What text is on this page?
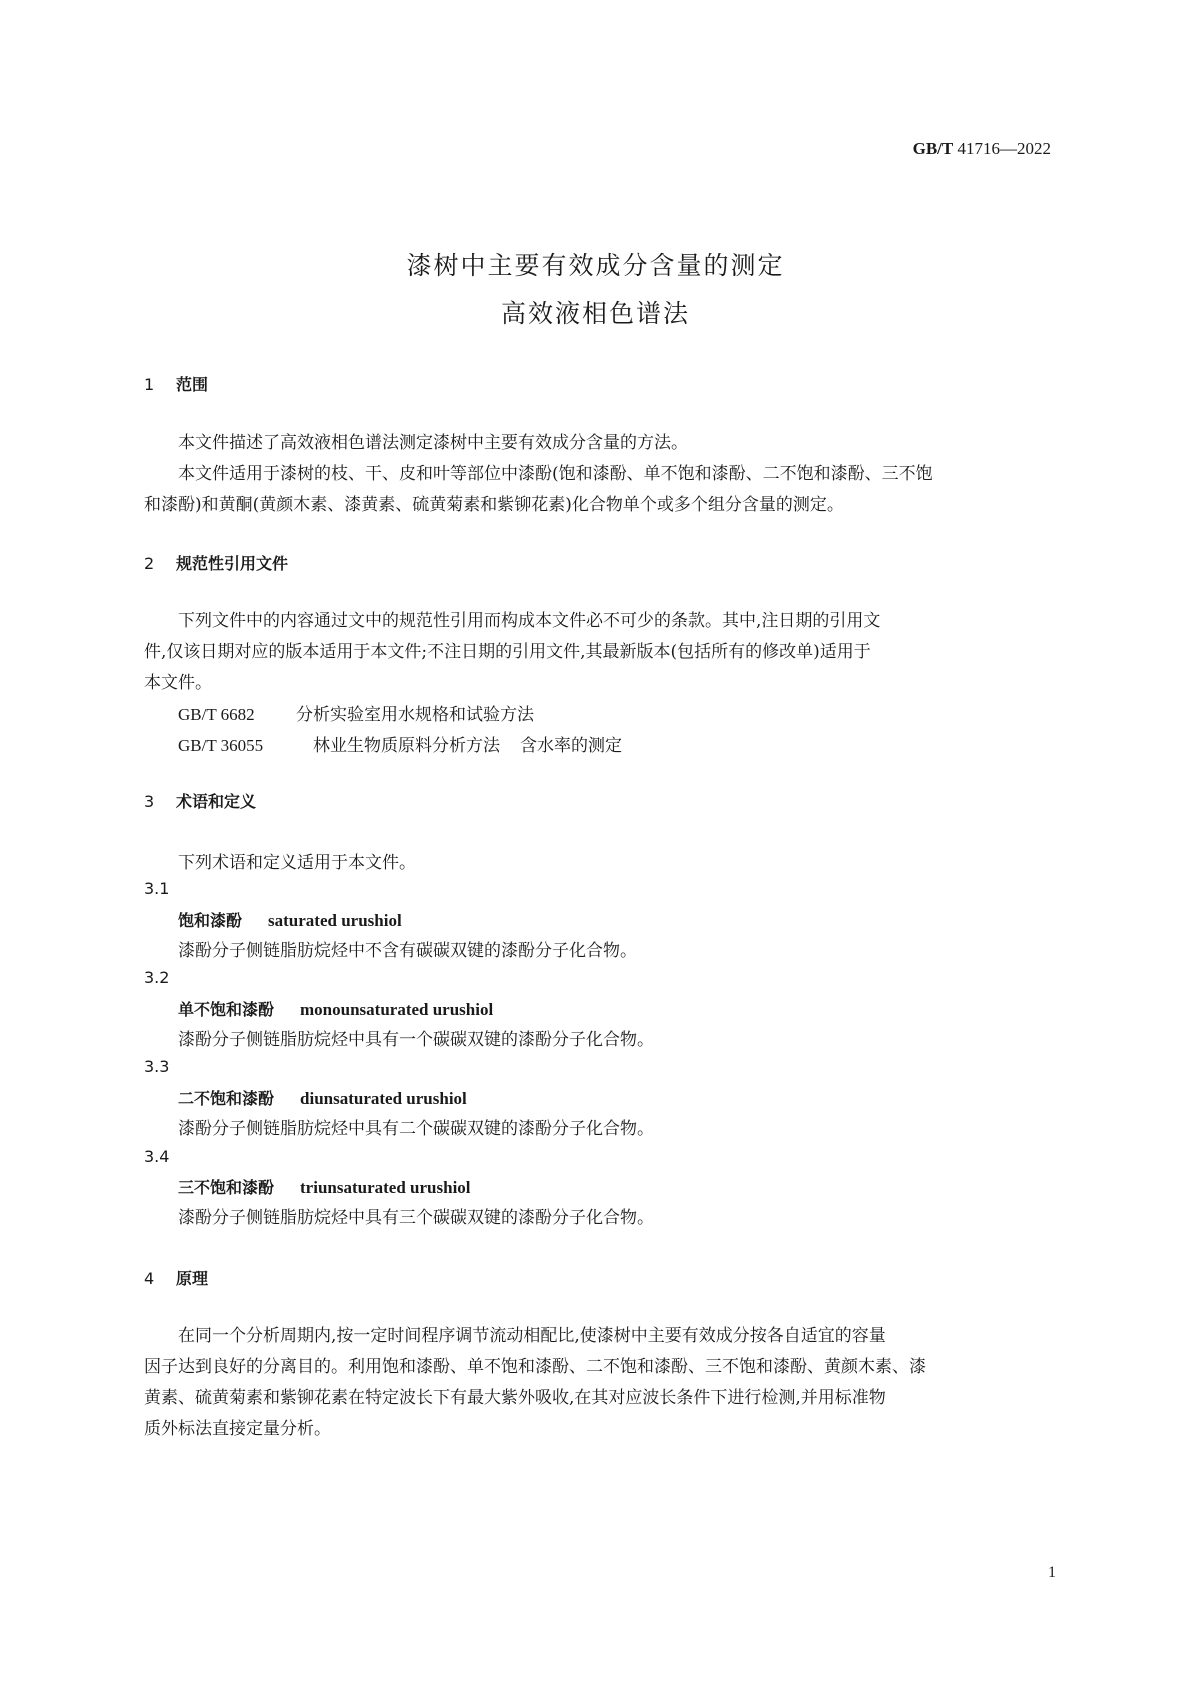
GB/T 41716—2022
漆树中主要有效成分含量的测定
高效液相色谱法
1 范围
本文件描述了高效液相色谱法测定漆树中主要有效成分含量的方法。
本文件适用于漆树的枝、干、皮和叶等部位中漆酚(饱和漆酚、单不饱和漆酚、二不饱和漆酚、三不饱
和漆酚)和黄酮(黄颜木素、漆黄素、硫黄菊素和紫铆花素)化合物单个或多个组分含量的测定。
2 规范性引用文件
下列文件中的内容通过文中的规范性引用而构成本文件必不可少的条款。其中,注日期的引用文
件,仅该日期对应的版本适用于本文件;不注日期的引用文件,其最新版本(包括所有的修改单)适用于
本文件。
GB/T 6682 分析实验室用水规格和试验方法
GB/T 36055	林业生物质原料分析方法 含水率的测定
3 术语和定义
下列术语和定义适用于本文件。
3.1
饱和漆酚 saturated urushiol
漆酚分子侧链脂肪烷烃中不含有碳碳双键的漆酚分子化合物。
3.2
单不饱和漆酚 monounsaturated urushiol
漆酚分子侧链脂肪烷烃中具有一个碳碳双键的漆酚分子化合物。
3.3
二不饱和漆酚 diunsaturated urushiol
漆酚分子侧链脂肪烷烃中具有二个碳碳双键的漆酚分子化合物。
3.4
三不饱和漆酚 triunsaturated urushiol
漆酚分子侧链脂肪烷烃中具有三个碳碳双键的漆酚分子化合物。
4 原理
在同一个分析周期内,按一定时间程序调节流动相配比,使漆树中主要有效成分按各自适宜的容量
因子达到良好的分离目的。利用饱和漆酚、单不饱和漆酚、二不饱和漆酚、三不饱和漆酚、黄颜木素、漆
黄素、硫黄菊素和紫铆花素在特定波长下有最大紫外吸收,在其对应波长条件下进行检测,并用标准物
质外标法直接定量分析。
1
